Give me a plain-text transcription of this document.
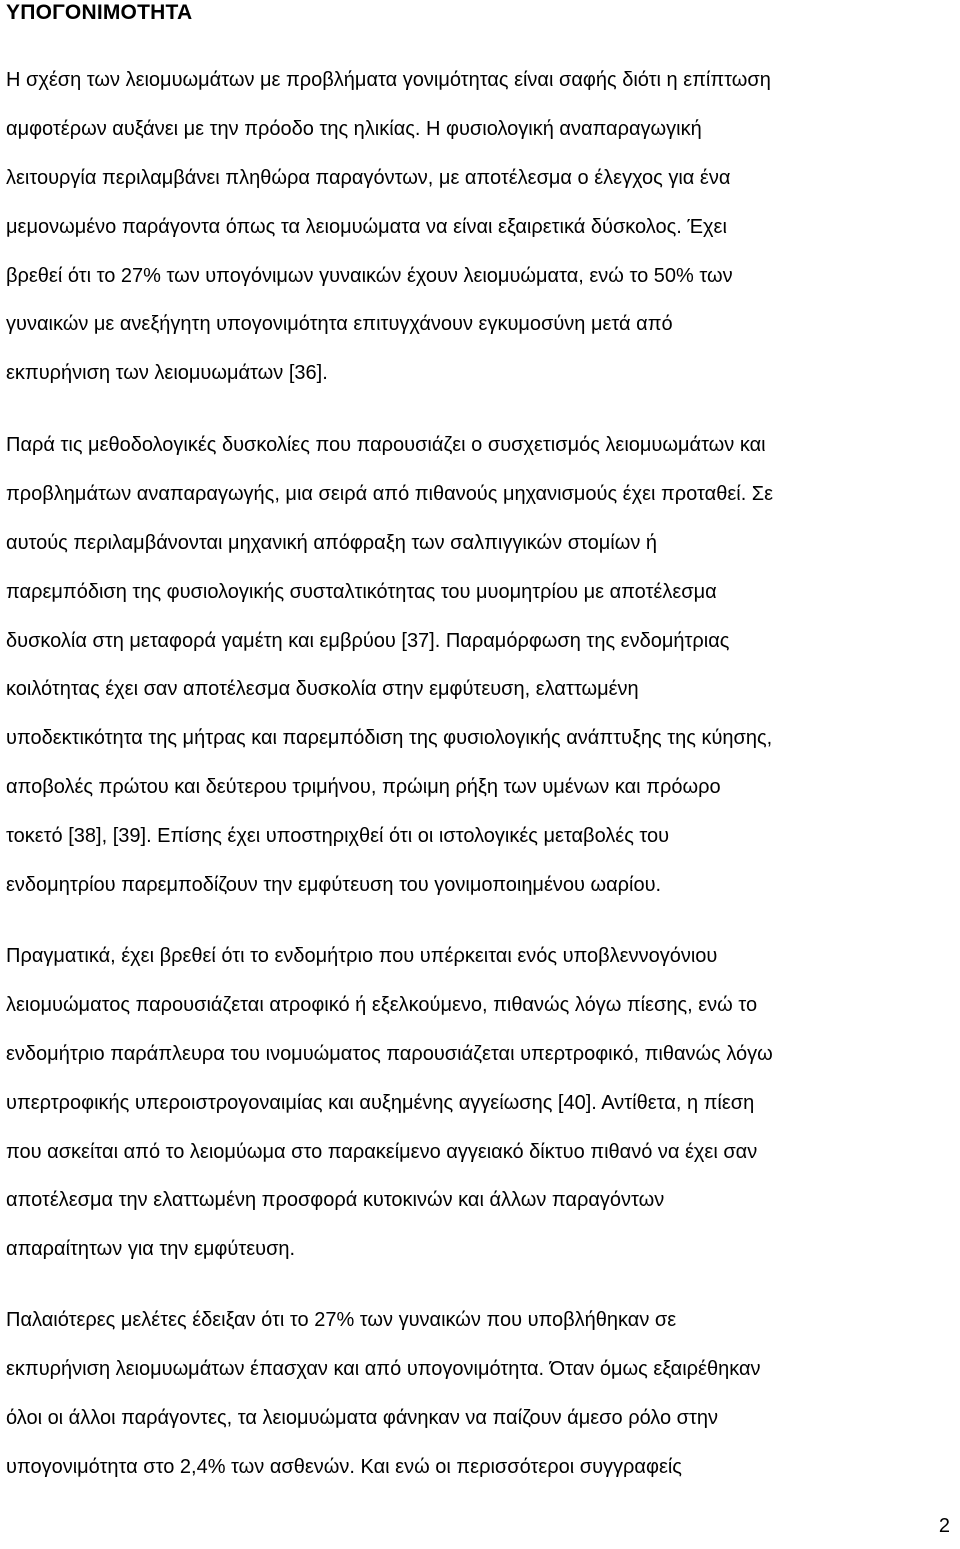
ΥΠΟΓΟΝΙΜΟΤΗΤΑ
Η σχέση των λειομυωμάτων με προβλήματα γονιμότητας είναι σαφής διότι η επίπτωση
αμφοτέρων αυξάνει με την πρόοδο της ηλικίας. Η φυσιολογική αναπαραγωγική
λειτουργία περιλαμβάνει πληθώρα παραγόντων, με αποτέλεσμα ο έλεγχος για ένα
μεμονωμένο παράγοντα όπως τα λειομυώματα να είναι εξαιρετικά δύσκολος. Έχει
βρεθεί ότι το 27% των υπογόνιμων γυναικών έχουν λειομυώματα, ενώ το 50% των
γυναικών με ανεξήγητη υπογονιμότητα επιτυγχάνουν εγκυμοσύνη μετά από
εκπυρήνιση των λειομυωμάτων [36].
Παρά τις μεθοδολογικές δυσκολίες που παρουσιάζει ο συσχετισμός λειομυωμάτων και
προβλημάτων αναπαραγωγής, μια σειρά από πιθανούς μηχανισμούς έχει προταθεί. Σε
αυτούς περιλαμβάνονται μηχανική απόφραξη των σαλπιγγικών στομίων ή
παρεμπόδιση της φυσιολογικής συσταλτικότητας του μυομητρίου με αποτέλεσμα
δυσκολία στη μεταφορά γαμέτη και εμβρύου [37]. Παραμόρφωση της ενδομήτριας
κοιλότητας έχει σαν αποτέλεσμα δυσκολία στην εμφύτευση, ελαττωμένη
υποδεκτικότητα της μήτρας και παρεμπόδιση της φυσιολογικής ανάπτυξης της κύησης,
αποβολές πρώτου και δεύτερου τριμήνου, πρώιμη ρήξη των υμένων και πρόωρο
τοκετό [38], [39]. Επίσης έχει υποστηριχθεί ότι οι ιστολογικές μεταβολές του
ενδομητρίου παρεμποδίζουν την εμφύτευση του γονιμοποιημένου ωαρίου.
Πραγματικά, έχει βρεθεί ότι το ενδομήτριο που υπέρκειται ενός υποβλεννογόνιου
λειομυώματος παρουσιάζεται ατροφικό ή εξελκούμενο, πιθανώς λόγω πίεσης, ενώ το
ενδομήτριο παράπλευρα του ινομυώματος παρουσιάζεται υπερτροφικό, πιθανώς λόγω
υπερτροφικής υπεροιστρογοναιμίας και αυξημένης αγγείωσης [40]. Αντίθετα, η πίεση
που ασκείται από το λειομύωμα στο παρακείμενο αγγειακό δίκτυο πιθανό να έχει σαν
αποτέλεσμα την ελαττωμένη προσφορά κυτοκινών και άλλων παραγόντων
απαραίτητων για την εμφύτευση.
Παλαιότερες μελέτες έδειξαν ότι το 27% των γυναικών που υποβλήθηκαν σε
εκπυρήνιση λειομυωμάτων έπασχαν και από υπογονιμότητα. Όταν όμως εξαιρέθηκαν
όλοι οι άλλοι παράγοντες, τα λειομυώματα φάνηκαν να παίζουν άμεσο ρόλο στην
υπογονιμότητα στο 2,4% των ασθενών. Και ενώ οι περισσότεροι συγγραφείς
2
